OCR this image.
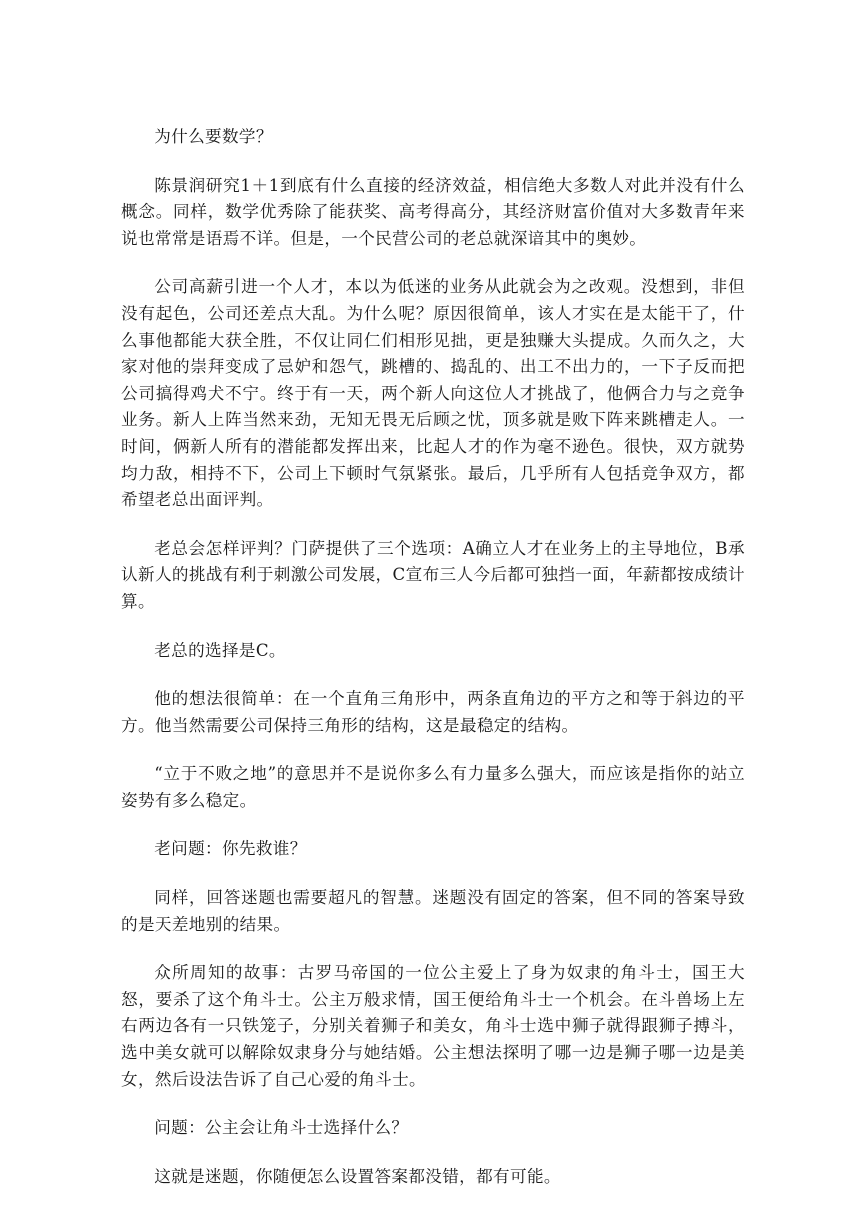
为什么要数学？

陈景润研究1＋1到底有什么直接的经济效益，相信绝大多数人对此并没有什么概念。同样，数学优秀除了能获奖、高考得高分，其经济财富价值对大多数青年来说也常常是语焉不详。但是，一个民营公司的老总就深谙其中的奥妙。

公司高薪引进一个人才，本以为低迷的业务从此就会为之改观。没想到，非但没有起色，公司还差点大乱。为什么呢？原因很简单，该人才实在是太能干了，什么事他都能大获全胜，不仅让同仁们相形见拙，更是独赚大头提成。久而久之，大家对他的崇拜变成了忌妒和怨气，跳槽的、捣乱的、出工不出力的，一下子反而把公司搞得鸡犬不宁。终于有一天，两个新人向这位人才挑战了，他俩合力与之竞争业务。新人上阵当然来劲，无知无畏无后顾之忧，顶多就是败下阵来跳槽走人。一时间，俩新人所有的潜能都发挥出来，比起人才的作为毫不逊色。很快，双方就势均力敌，相持不下，公司上下顿时气氛紧张。最后，几乎所有人包括竞争双方，都希望老总出面评判。

老总会怎样评判？门萨提供了三个选项：A确立人才在业务上的主导地位，B承认新人的挑战有利于刺激公司发展，C宣布三人今后都可独挡一面，年薪都按成绩计算。

老总的选择是C。

他的想法很简单：在一个直角三角形中，两条直角边的平方之和等于斜边的平方。他当然需要公司保持三角形的结构，这是最稳定的结构。

“立于不败之地”的意思并不是说你多么有力量多么强大，而应该是指你的站立姿势有多么稳定。

老问题：你先救谁？

同样，回答迷题也需要超凡的智慧。迷题没有固定的答案，但不同的答案导致的是天差地别的结果。

众所周知的故事：古罗马帝国的一位公主爱上了身为奴隶的角斗士，国王大怒，要杀了这个角斗士。公主万般求情，国王便给角斗士一个机会。在斗兽场上左右两边各有一只铁笼子，分别关着狮子和美女，角斗士选中狮子就得跟狮子搏斗，选中美女就可以解除奴隶身分与她结婚。公主想法探明了哪一边是狮子哪一边是美女，然后设法告诉了自己心爱的角斗士。

问题：公主会让角斗士选择什么？

这就是迷题，你随便怎么设置答案都没错，都有可能。
